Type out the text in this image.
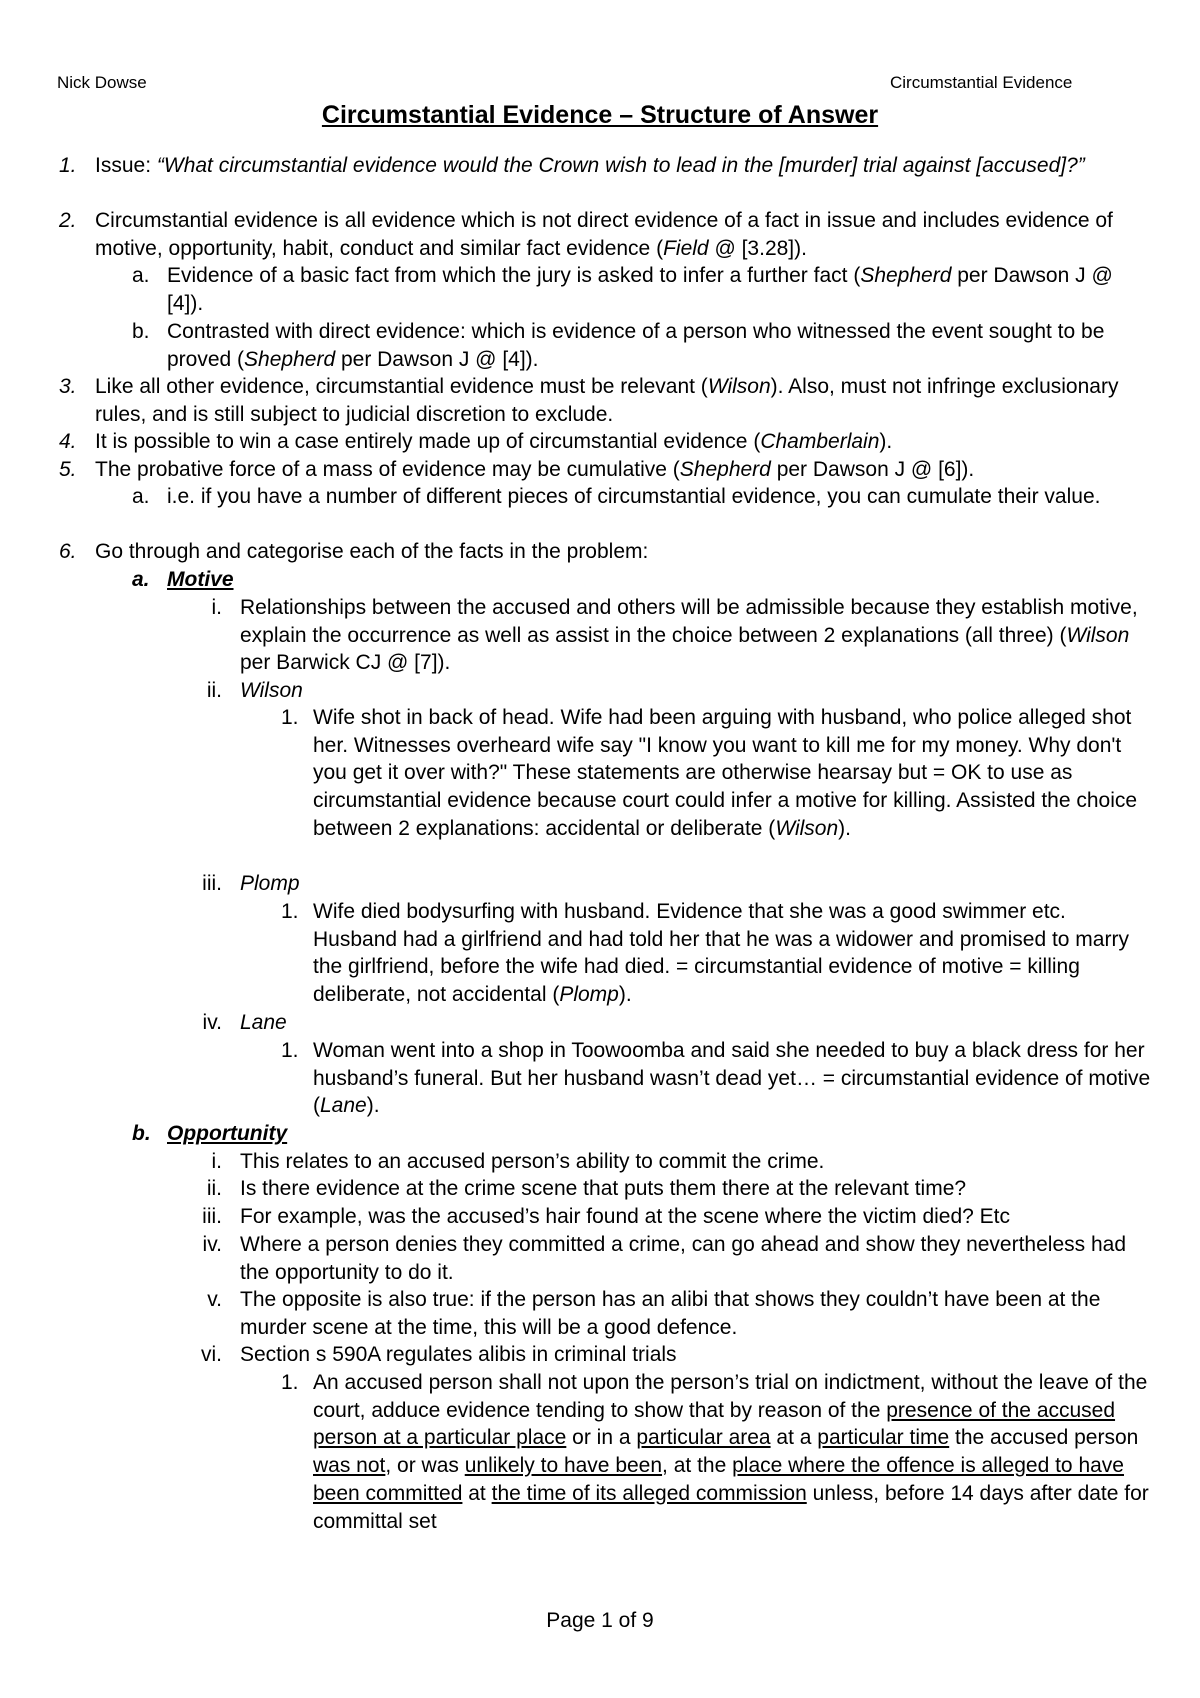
Nick Dowse	Circumstantial Evidence
Circumstantial Evidence – Structure of Answer
1. Issue: “What circumstantial evidence would the Crown wish to lead in the [murder] trial against [accused]?”
2. Circumstantial evidence is all evidence which is not direct evidence of a fact in issue and includes evidence of motive, opportunity, habit, conduct and similar fact evidence (Field @ [3.28]).
a. Evidence of a basic fact from which the jury is asked to infer a further fact (Shepherd per Dawson J @ [4]).
b. Contrasted with direct evidence: which is evidence of a person who witnessed the event sought to be proved (Shepherd per Dawson J @ [4]).
3. Like all other evidence, circumstantial evidence must be relevant (Wilson). Also, must not infringe exclusionary rules, and is still subject to judicial discretion to exclude.
4. It is possible to win a case entirely made up of circumstantial evidence (Chamberlain).
5. The probative force of a mass of evidence may be cumulative (Shepherd per Dawson J @ [6]).
a. i.e. if you have a number of different pieces of circumstantial evidence, you can cumulate their value.
6. Go through and categorise each of the facts in the problem:
a. Motive
i. Relationships between the accused and others will be admissible because they establish motive, explain the occurrence as well as assist in the choice between 2 explanations (all three) (Wilson per Barwick CJ @ [7]).
ii. Wilson
1. Wife shot in back of head. Wife had been arguing with husband, who police alleged shot her. Witnesses overheard wife say "I know you want to kill me for my money. Why don't you get it over with?" These statements are otherwise hearsay but = OK to use as circumstantial evidence because court could infer a motive for killing. Assisted the choice between 2 explanations: accidental or deliberate (Wilson).
iii. Plomp
1. Wife died bodysurfing with husband. Evidence that she was a good swimmer etc. Husband had a girlfriend and had told her that he was a widower and promised to marry the girlfriend, before the wife had died. = circumstantial evidence of motive = killing deliberate, not accidental (Plomp).
iv. Lane
1. Woman went into a shop in Toowoomba and said she needed to buy a black dress for her husband’s funeral. But her husband wasn’t dead yet… = circumstantial evidence of motive (Lane).
b. Opportunity
i. This relates to an accused person’s ability to commit the crime.
ii. Is there evidence at the crime scene that puts them there at the relevant time?
iii. For example, was the accused’s hair found at the scene where the victim died? Etc
iv. Where a person denies they committed a crime, can go ahead and show they nevertheless had the opportunity to do it.
v. The opposite is also true: if the person has an alibi that shows they couldn’t have been at the murder scene at the time, this will be a good defence.
vi. Section s 590A regulates alibis in criminal trials
1. An accused person shall not upon the person’s trial on indictment, without the leave of the court, adduce evidence tending to show that by reason of the presence of the accused person at a particular place or in a particular area at a particular time the accused person was not, or was unlikely to have been, at the place where the offence is alleged to have been committed at the time of its alleged commission unless, before 14 days after date for committal set
Page 1 of 9
